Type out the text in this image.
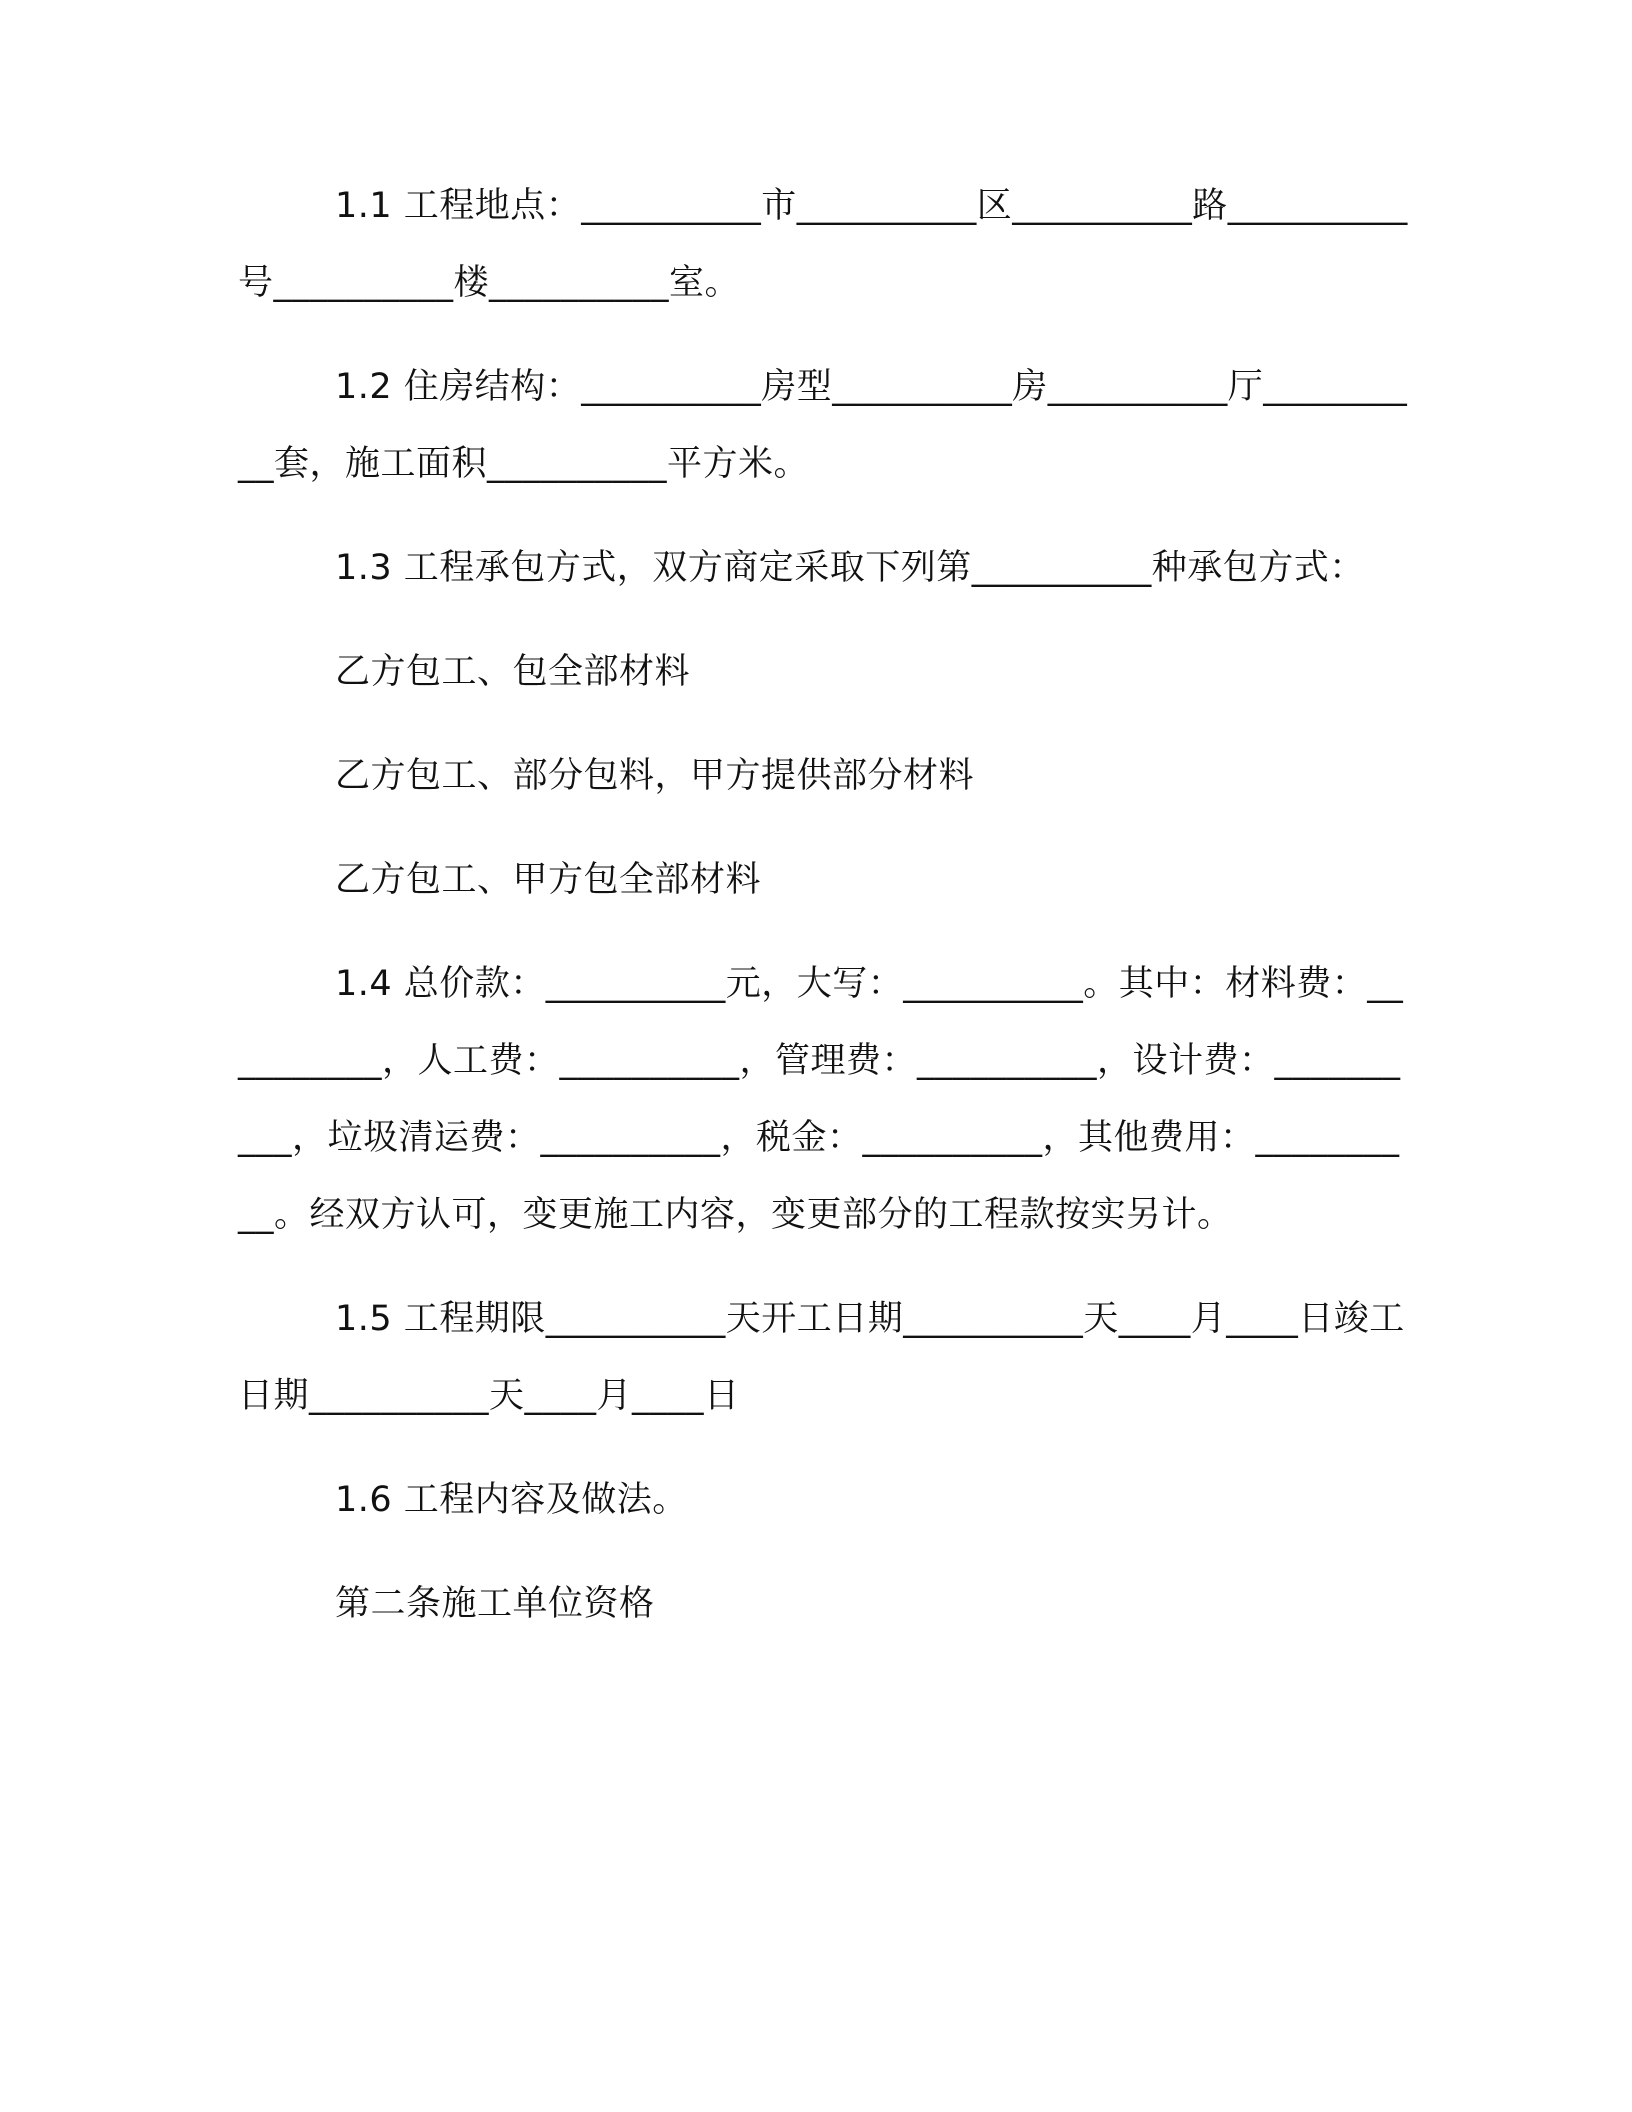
1.1 工程地点：__________市__________区__________路__________号__________楼__________室。

1.2 住房结构：__________房型__________房__________厅__________套，施工面积__________平方米。

1.3 工程承包方式，双方商定采取下列第__________种承包方式：

乙方包工、包全部材料

乙方包工、部分包料，甲方提供部分材料

乙方包工、甲方包全部材料

1.4 总价款：__________元，大写：__________。其中：材料费：__________，人工费：__________，管理费：__________，设计费：__________，垃圾清运费：__________，税金：__________，其他费用：__________。经双方认可，变更施工内容，变更部分的工程款按实另计。

1.5 工程期限__________天开工日期__________天____月____日竣工日期__________天____月____日

1.6 工程内容及做法。

第二条施工单位资格
